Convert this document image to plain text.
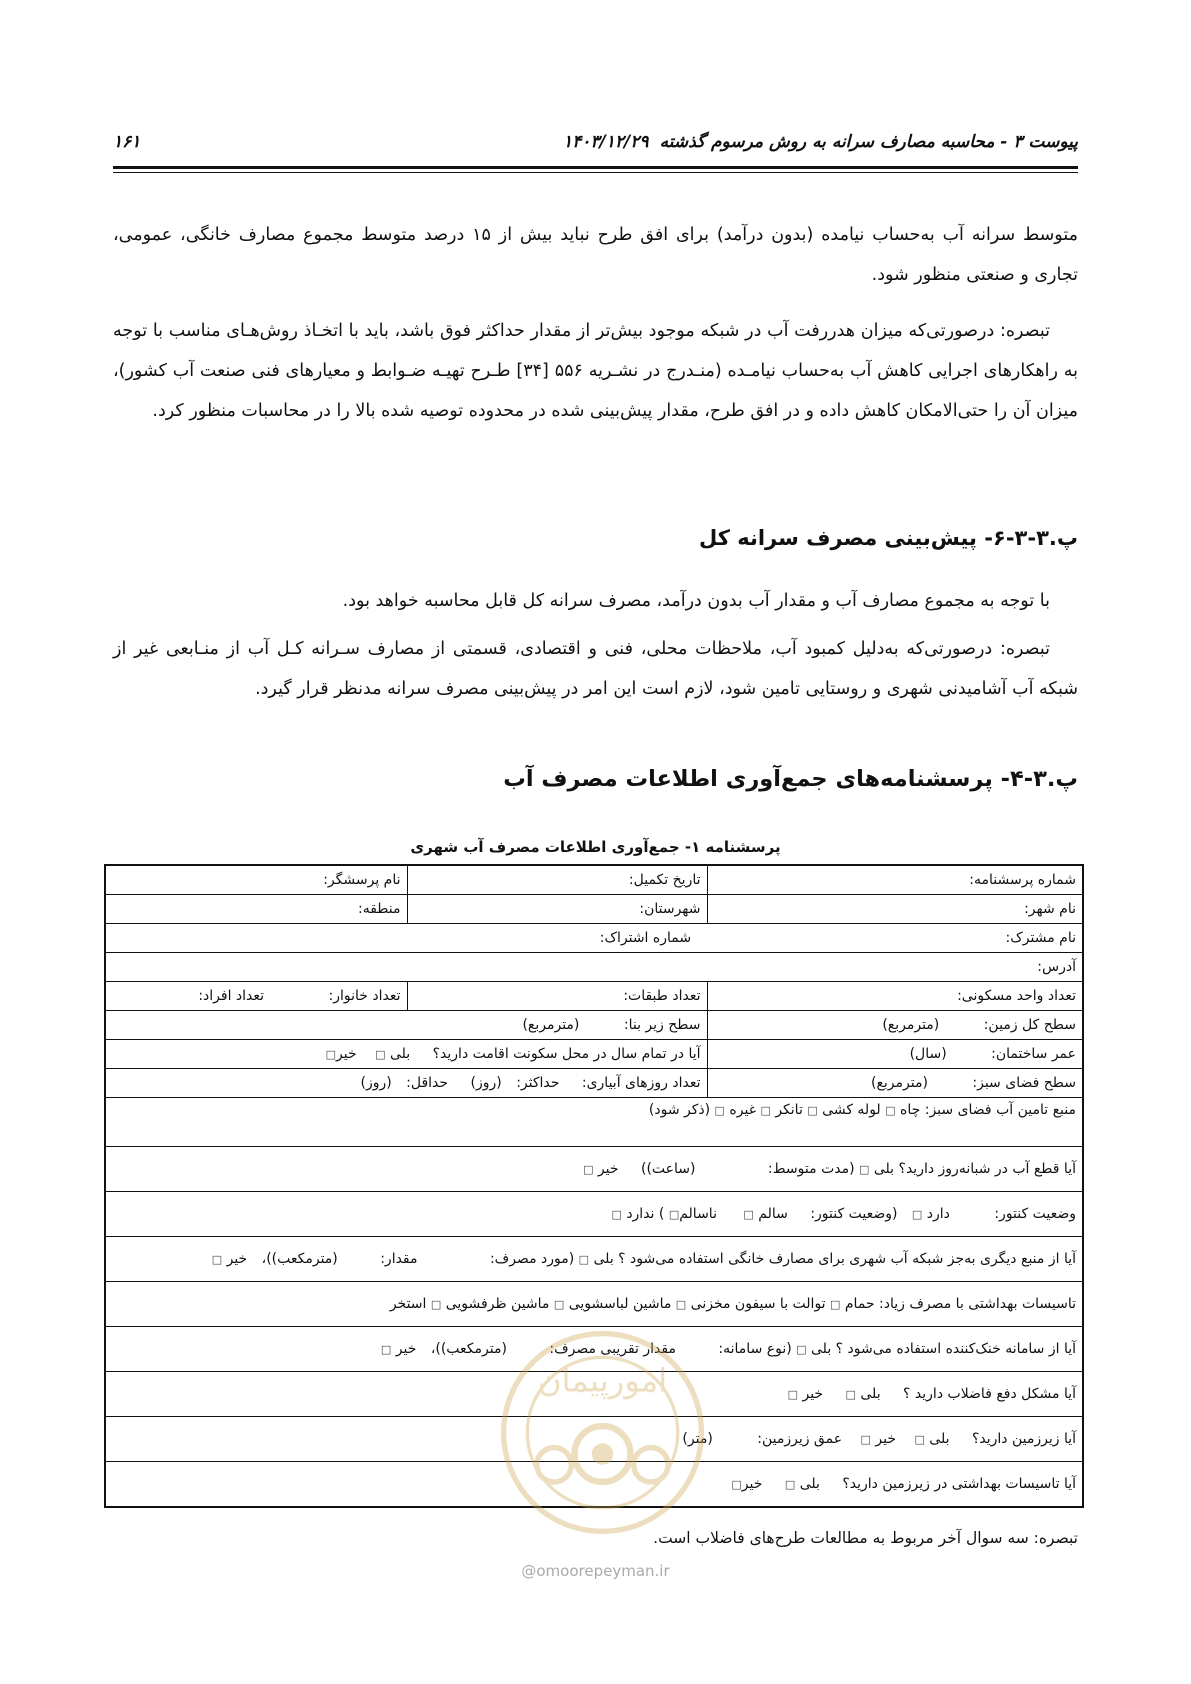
پیوست ۳ - محاسبه مصارف سرانه به روش مرسوم گذشته
۱۴۰۳/۱۲/۲۹
۱۶۱
متوسط سرانه آب به‌حساب نیامده (بدون درآمد) برای افق طرح نباید بیش از ۱۵ درصد متوسط مجموع مصارف خانگی، عمومی، تجاری و صنعتی منظور شود.
تبصره: درصورتی‌که میزان هدررفت آب در شبکه موجود بیش‌تر از مقدار حداکثر فوق باشد، باید با اتخـاذ روش‌هـای مناسب با توجه به راهکارهای اجرایی کاهش آب به‌حساب نیامـده (منـدرج در نشـریه ۵۵۶ [۳۴] طـرح تهیـه ضـوابط و معیارهای فنی صنعت آب کشور)، میزان آن را حتی‌الامکان کاهش داده و در افق طرح، مقدار پیش‌بینی شده در محدوده توصیه شده بالا را در محاسبات منظور کرد.
پ.۳-۳-۶- پیش‌بینی مصرف سرانه کل
با توجه به مجموع مصارف آب و مقدار آب بدون درآمد، مصرف سرانه کل قابل محاسبه خواهد بود.
تبصره: درصورتی‌که به‌دلیل کمبود آب، ملاحظات محلی، فنی و اقتصادی، قسمتی از مصارف سـرانه کـل آب از منـابعی غیر از شبکه آب آشامیدنی شهری و روستایی تامین شود، لازم است این امر در پیش‌بینی مصرف سرانه مدنظر قرار گیرد.
پ.۳-۴- پرسشنامه‌های جمع‌آوری اطلاعات مصرف آب
پرسشنامه ۱- جمع‌آوری اطلاعات مصرف آب شهری
شماره پرسشنامه:	تاریخ تکمیل:	نام پرسشگر:
نام شهر:	شهرستان:	منطقه:
نام مشترک: شماره اشتراک:		
آدرس:		
تعداد واحد مسکونی:	تعداد طبقات:	تعداد خانوار: تعداد افراد:
سطح کل زمین: (مترمربع)	سطح زیر بنا: (مترمربع)	
عمر ساختمان: (سال)	آیا در تمام سال در محل سکونت اقامت دارید؟ بلی □ خیر□	
سطح فضای سبز: (مترمربع)	تعداد روزهای آبیاری: حداکثر: (روز) حداقل: (روز)	
منبع تامین آب فضای سبز: چاه □ لوله کشی □ تانکر □ غیره □ (ذکر شود)		
آیا قطع آب در شبانه‌روز دارید؟ بلی □ (مدت متوسط: (ساعت)) خیر □		
وضعیت کنتور: دارد □ (وضعیت کنتور: سالم □ ناسالم□ ) ندارد □		
آیا از منبع دیگری به‌جز شبکه آب شهری برای مصارف خانگی استفاده می‌شود ؟ بلی □ (مورد مصرف: مقدار: (مترمکعب))، خیر □		
تاسیسات بهداشتی با مصرف زیاد: حمام □ توالت با سیفون مخزنی □ ماشین لباسشویی □ ماشین ظرفشویی □ استخر		
آیا از سامانه خنک‌کننده استفاده می‌شود ؟ بلی □ (نوع سامانه: مقدار تقریبی مصرف: (مترمکعب))، خیر □		
آیا مشکل دفع فاضلاب دارید ؟ بلی □ خیر □		
آیا زیرزمین دارید؟ بلی □ خیر □ عمق زیرزمین: (متر)		
آیا تاسیسات بهداشتی در زیرزمین دارید؟ بلی □ خیر□		
تبصره: سه سوال آخر مربوط به مطالعات طرح‌های فاضلاب است.
امورپیمان
@omoorepeyman.ir
